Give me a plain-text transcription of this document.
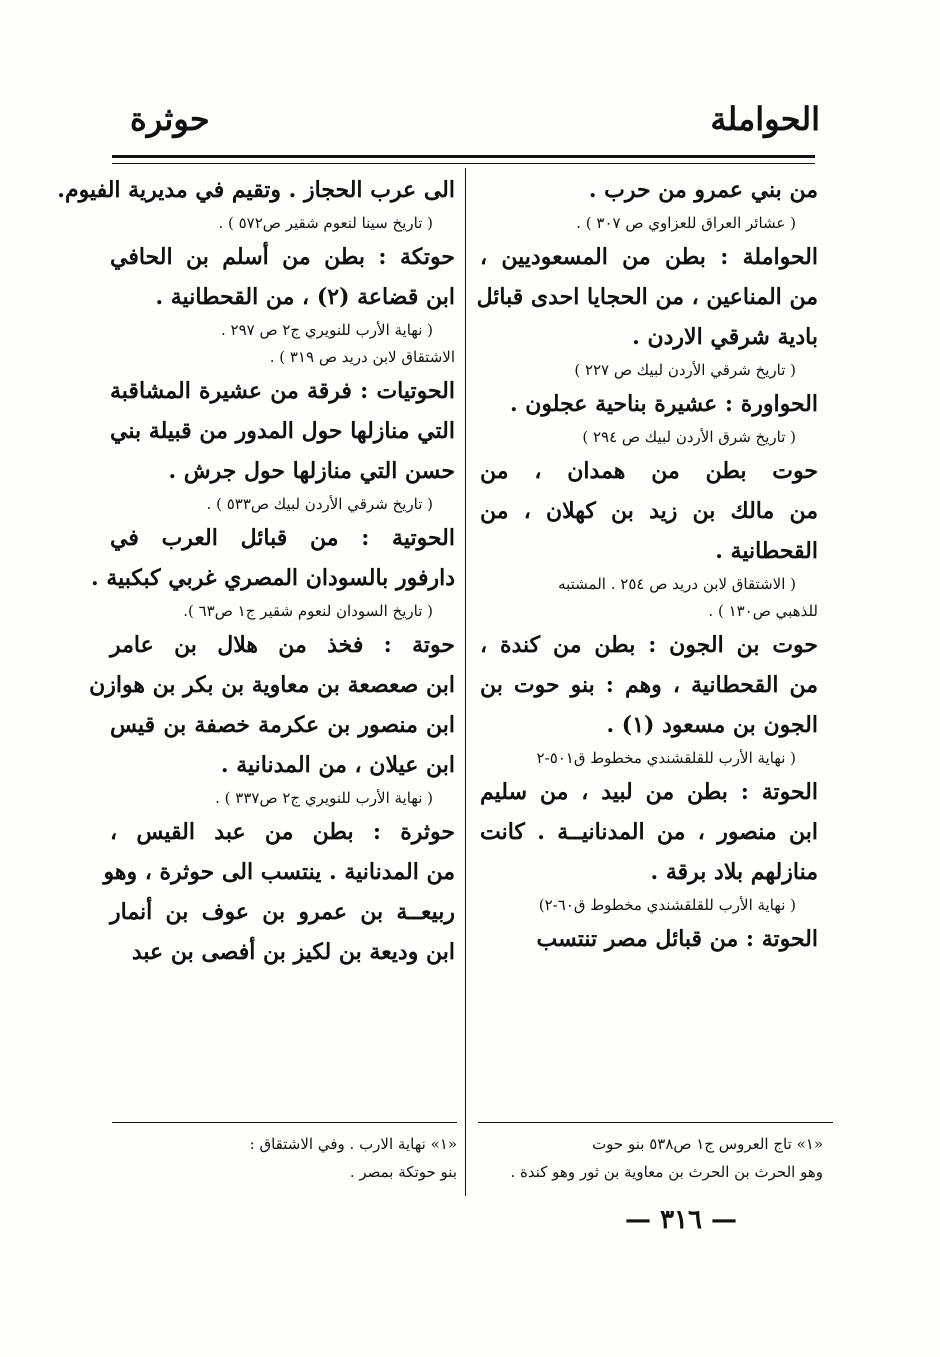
حوثرة	الحواملة
من بني عمرو من حرب .
( عشائر العراق للعزاوي ص ٣٠٧ ) .
الحواملة : بطن من المسعوديين ،
من المناعين ، من الحجايا احدى قبائل
بادية شرقي الاردن .
( تاريخ شرقي الأردن لبيك ص ٢٢٧ )
الحواورة : عشيرة بناحية عجلون .
( تاريخ شرق الأردن لبيك ص ٢٩٤ )
حوت بطن من همدان ، من
من مالك بن زيد بن كهلان ، من
القحطانية .
( الاشتقاق لابن دريد ص ٢٥٤ . المشتبه
للذهبي ص١٣٠ ) .
حوت بن الجون : بطن من كندة ،
من القحطانية ، وهم : بنو حوت بن
الجون بن مسعود (١) .
( نهاية الأرب للقلقشندي مخطوط ق٥٠١-٢
الحوتة : بطن من لبيد ، من سليم
ابن منصور ، من المدنانيــة . كانت
منازلهم بلاد برقة .
( نهاية الأرب للقلقشندي مخطوط ق٦٠-٢)
الحوتة : من قبائل مصر تنتسب
الى عرب الحجاز . وتقيم في مديرية الفيوم.
( تاريخ سينا لنعوم شقير ص٥٧٢ ) .
حوتكة : بطن من أسلم بن الحافي
ابن قضاعة (٢) ، من القحطانية .
( نهاية الأرب للنويري ج٢ ص ٢٩٧ .
الاشتقاق لابن دريد ص ٣١٩ ) .
الحوتيات : فرقة من عشيرة المشاقبة
التي منازلها حول المدور من قبيلة بني
حسن التي منازلها حول جرش .
( تاريخ شرقي الأردن لبيك ص٥٣٣ ) .
الحوتية : من قبائل العرب في
دارفور بالسودان المصري غربي كبكبية .
( تاريخ السودان لنعوم شقير ج١ ص٦٣ ).
حوتة : فخذ من هلال بن عامر
ابن صعصعة بن معاوية بن بكر بن هوازن
ابن منصور بن عكرمة خصفة بن قيس
ابن عيلان ، من المدنانية .
( نهاية الأرب للنويري ج٢ ص٣٣٧ ) .
حوثرة : بطن من عبد القيس ،
من المدنانية . ينتسب الى حوثرة ، وهو
ربيعــة بن عمرو بن عوف بن أنمار
ابن وديعة بن لكيز بن أفصى بن عبد
«١» تاج العروس ج١ ص٥٣٨ بنو حوت
وهو الحرث بن الحرث بن معاوية بن ثور وهو كندة .
«١» نهاية الارب . وفي الاشتقاق :
بنو حوتكة بمصر .
— ٣١٦ —
